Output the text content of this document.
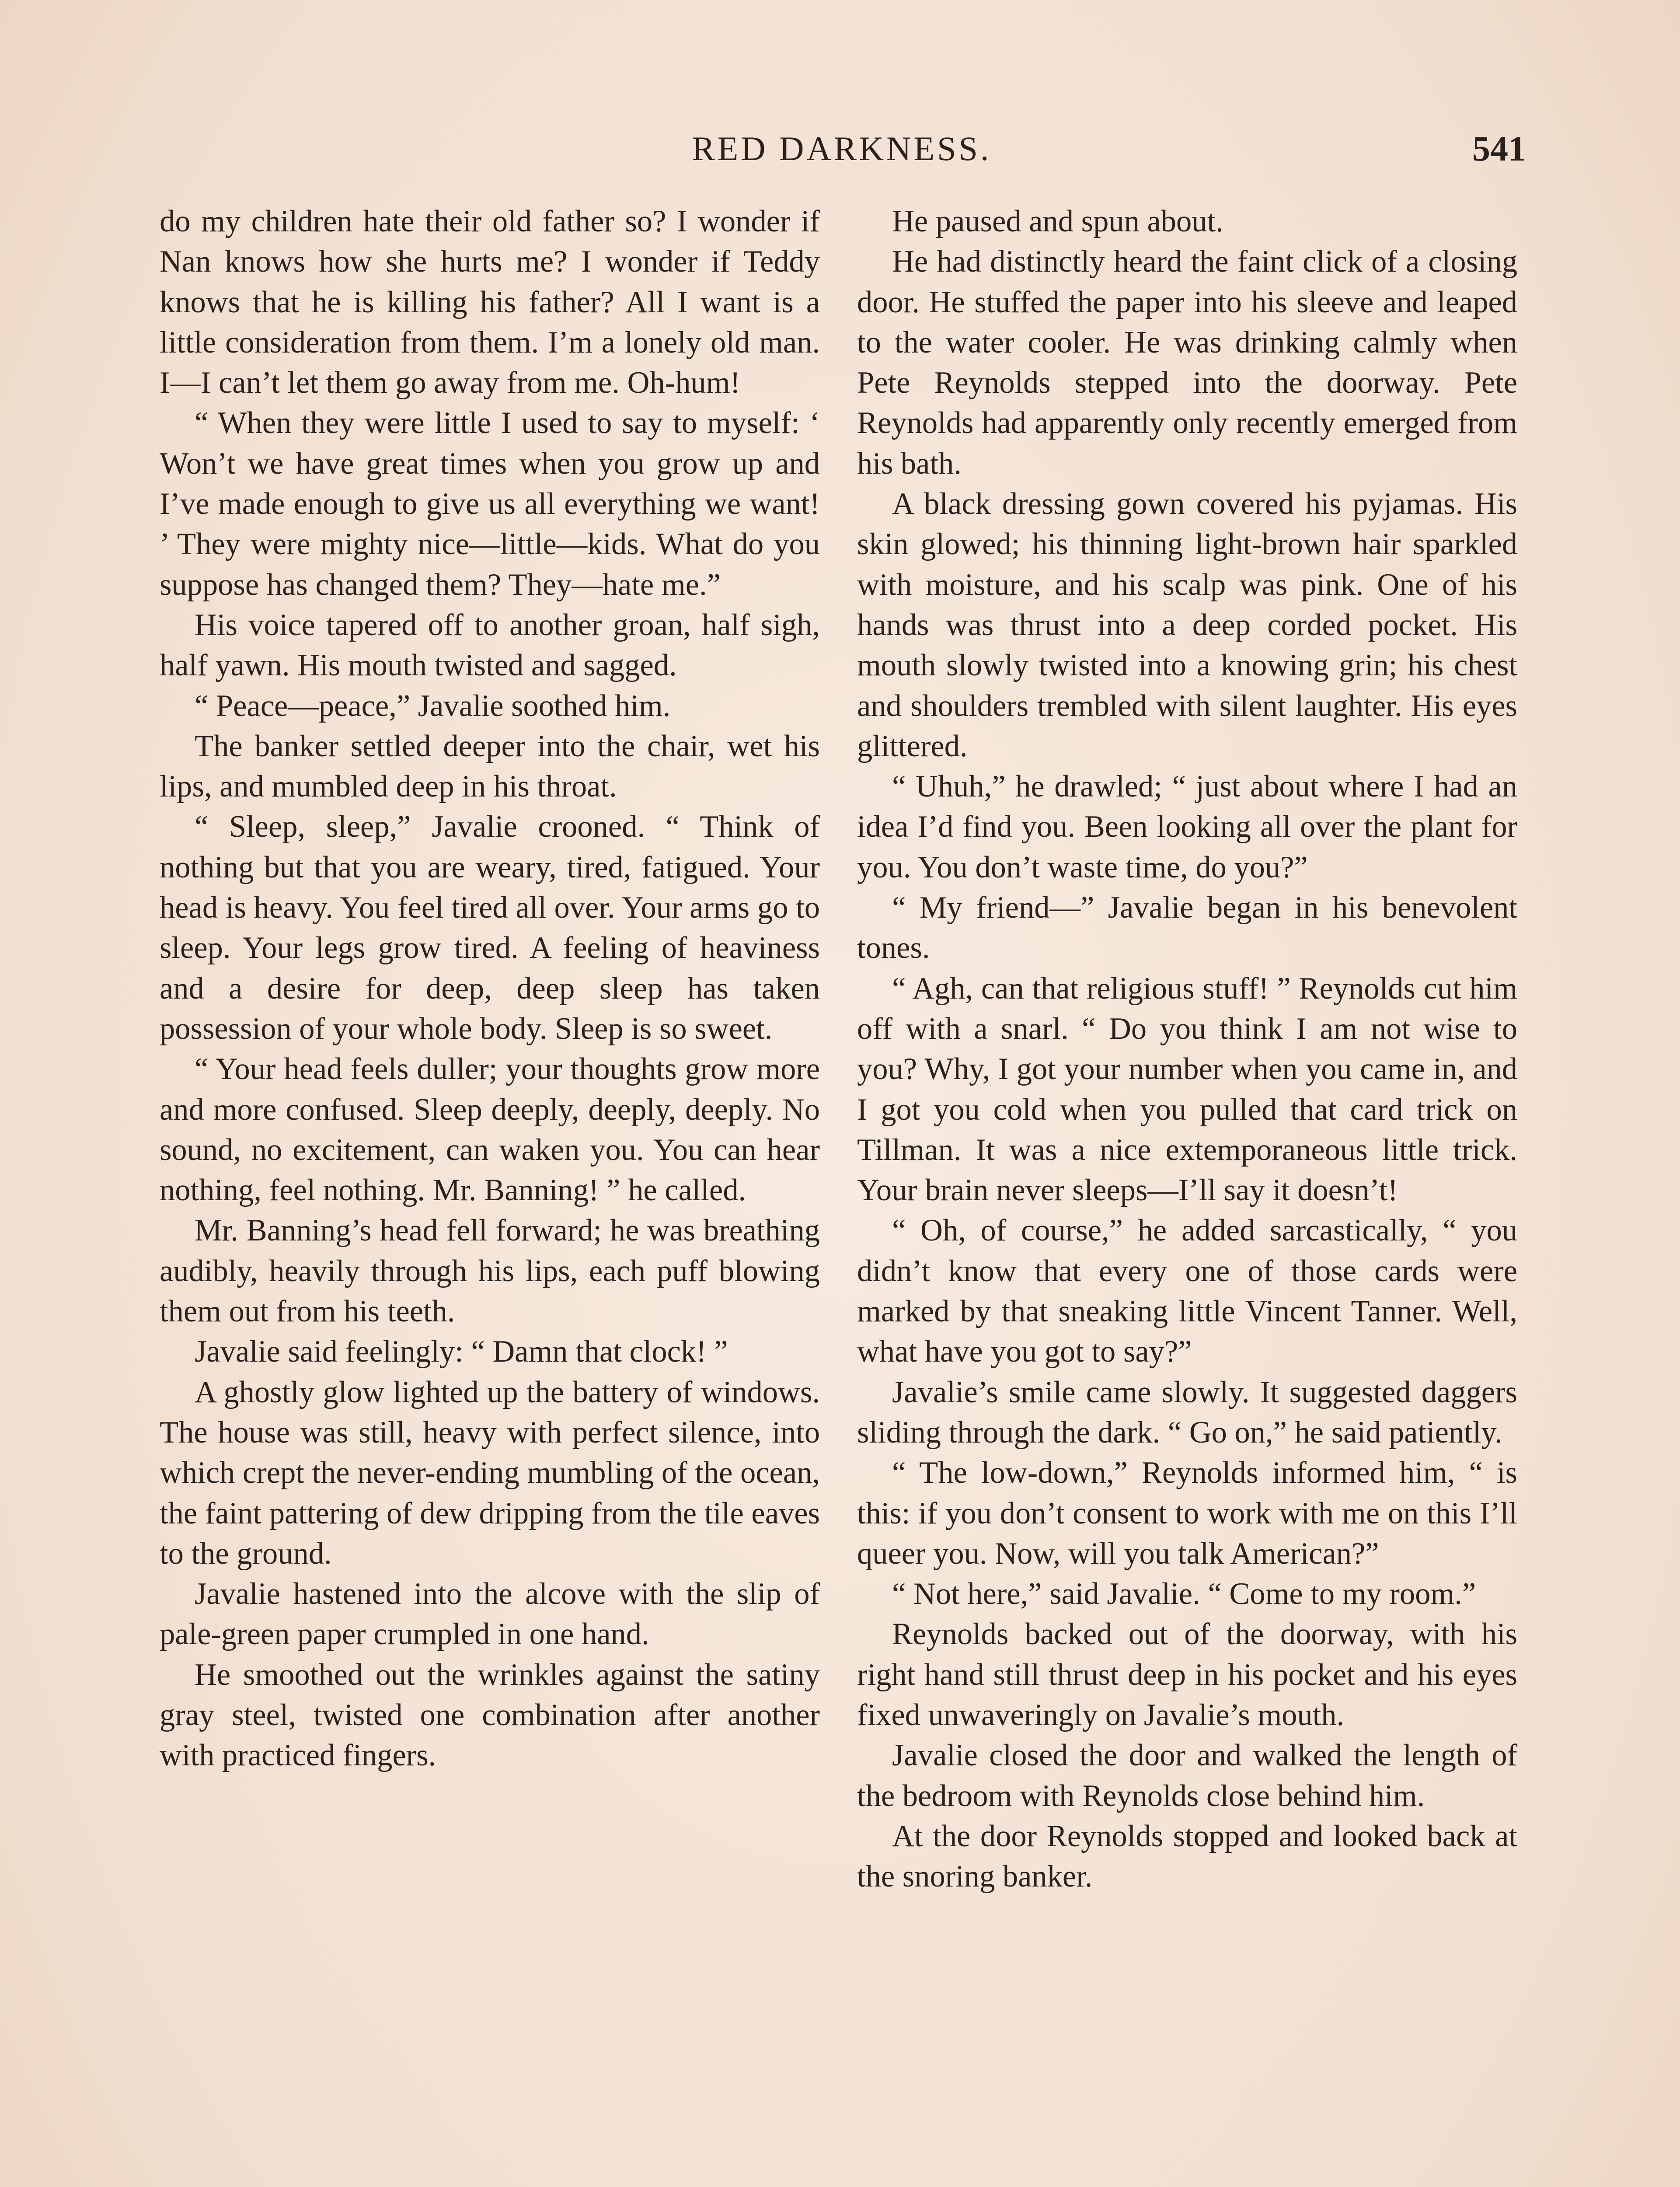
RED DARKNESS.	541

do my children hate their old father so? I wonder if Nan knows how she hurts me? I wonder if Teddy knows that he is killing his father? All I want is a little consideration from them. I’m a lonely old man. I—I can’t let them go away from me. Oh-hum!

“ When they were little I used to say to myself: ‘ Won’t we have great times when you grow up and I’ve made enough to give us all everything we want! ’ They were mighty nice—little—kids. What do you suppose has changed them? They—hate me.”

His voice tapered off to another groan, half sigh, half yawn. His mouth twisted and sagged.

“ Peace—peace,” Javalie soothed him.

The banker settled deeper into the chair, wet his lips, and mumbled deep in his throat.

“ Sleep, sleep,” Javalie crooned. “ Think of nothing but that you are weary, tired, fatigued. Your head is heavy. You feel tired all over. Your arms go to sleep. Your legs grow tired. A feeling of heaviness and a desire for deep, deep sleep has taken possession of your whole body. Sleep is so sweet.

“ Your head feels duller; your thoughts grow more and more confused. Sleep deeply, deeply, deeply. No sound, no excitement, can waken you. You can hear nothing, feel nothing. Mr. Banning! ” he called.

Mr. Banning’s head fell forward; he was breathing audibly, heavily through his lips, each puff blowing them out from his teeth.

Javalie said feelingly: “ Damn that clock! ”

A ghostly glow lighted up the battery of windows. The house was still, heavy with perfect silence, into which crept the never-ending mumbling of the ocean, the faint pattering of dew dripping from the tile eaves to the ground.

Javalie hastened into the alcove with the slip of pale-green paper crumpled in one hand.

He smoothed out the wrinkles against the satiny gray steel, twisted one combination after another with practiced fingers.

He paused and spun about.

He had distinctly heard the faint click of a closing door. He stuffed the paper into his sleeve and leaped to the water cooler. He was drinking calmly when Pete Reynolds stepped into the doorway. Pete Reynolds had apparently only recently emerged from his bath.

A black dressing gown covered his pyjamas. His skin glowed; his thinning light-brown hair sparkled with moisture, and his scalp was pink. One of his hands was thrust into a deep corded pocket. His mouth slowly twisted into a knowing grin; his chest and shoulders trembled with silent laughter. His eyes glittered.

“ Uhuh,” he drawled; “ just about where I had an idea I’d find you. Been looking all over the plant for you. You don’t waste time, do you?”

“ My friend—” Javalie began in his benevolent tones.

“ Agh, can that religious stuff! ” Reynolds cut him off with a snarl. “ Do you think I am not wise to you? Why, I got your number when you came in, and I got you cold when you pulled that card trick on Tillman. It was a nice extemporaneous little trick. Your brain never sleeps—I’ll say it doesn’t!

“ Oh, of course,” he added sarcastically, “ you didn’t know that every one of those cards were marked by that sneaking little Vincent Tanner. Well, what have you got to say?”

Javalie’s smile came slowly. It suggested daggers sliding through the dark. “ Go on,” he said patiently.

“ The low-down,” Reynolds informed him, “ is this: if you don’t consent to work with me on this I’ll queer you. Now, will you talk American?”

“ Not here,” said Javalie. “ Come to my room.”

Reynolds backed out of the doorway, with his right hand still thrust deep in his pocket and his eyes fixed unwaveringly on Javalie’s mouth.

Javalie closed the door and walked the length of the bedroom with Reynolds close behind him.

At the door Reynolds stopped and looked back at the snoring banker.
